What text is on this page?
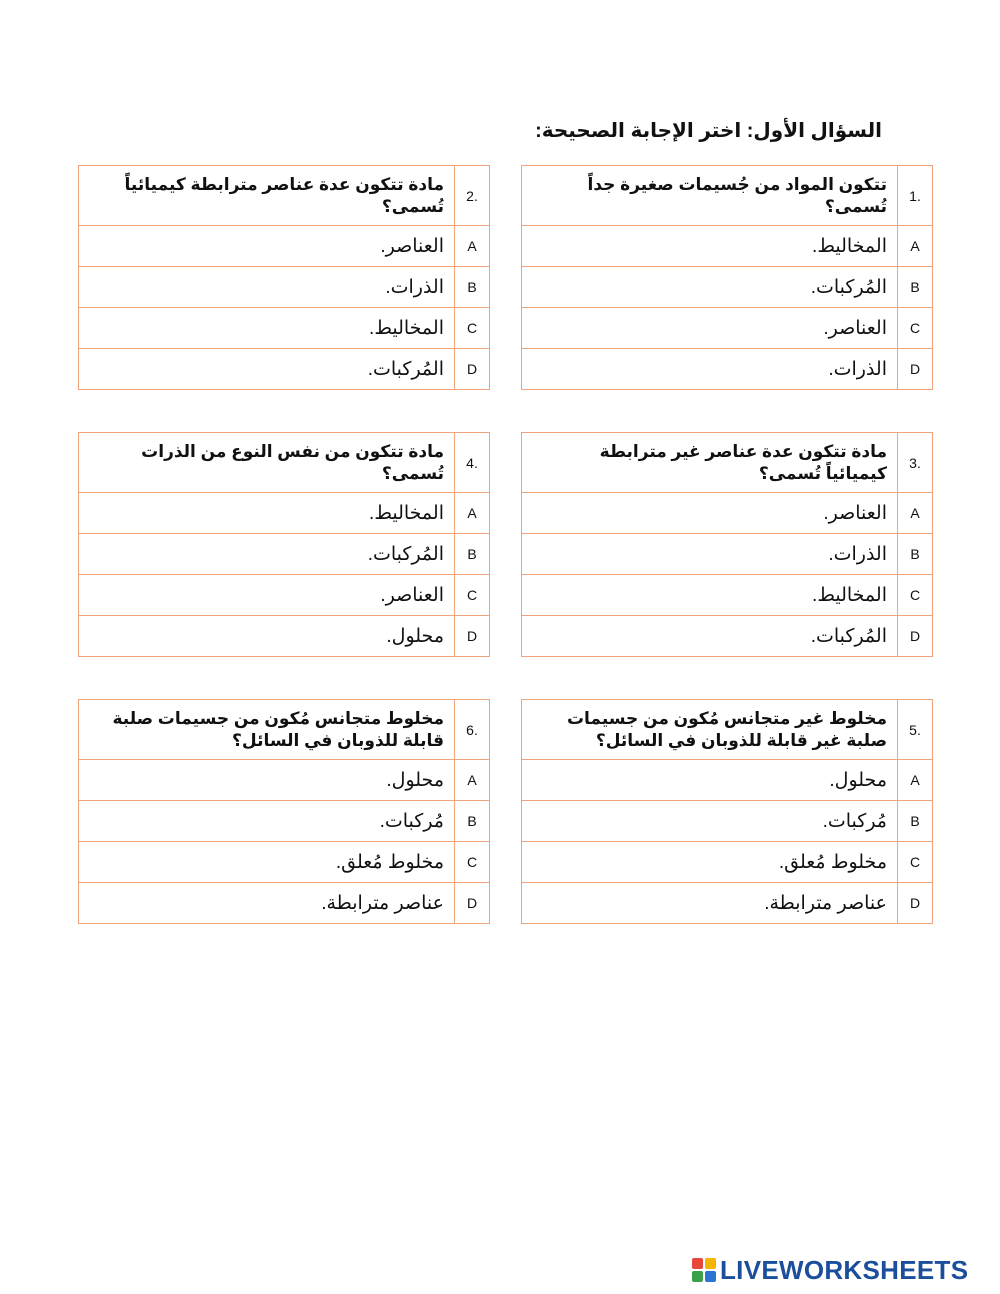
السؤال الأول: اختر الإجابة الصحيحة:
1.	تتكون المواد من جُسيمات صغيرة جداً تُسمى؟
A	المخاليط.
B	المُركبات.
C	العناصر.
D	الذرات.
2.	مادة تتكون عدة عناصر مترابطة كيميائياً تُسمى؟
A	العناصر.
B	الذرات.
C	المخاليط.
D	المُركبات.
3.	مادة تتكون عدة عناصر غير مترابطة كيميائياً تُسمى؟
A	العناصر.
B	الذرات.
C	المخاليط.
D	المُركبات.
4.	مادة تتكون من نفس النوع من الذرات تُسمى؟
A	المخاليط.
B	المُركبات.
C	العناصر.
D	محلول.
5.	مخلوط غير متجانس مُكون من جسيمات صلبة غير قابلة للذوبان في السائل؟
A	محلول.
B	مُركبات.
C	مخلوط مُعلق.
D	عناصر مترابطة.
6.	مخلوط متجانس مُكون من جسيمات صلبة قابلة للذوبان في السائل؟
A	محلول.
B	مُركبات.
C	مخلوط مُعلق.
D	عناصر مترابطة.
LIVEWORKSHEETS
